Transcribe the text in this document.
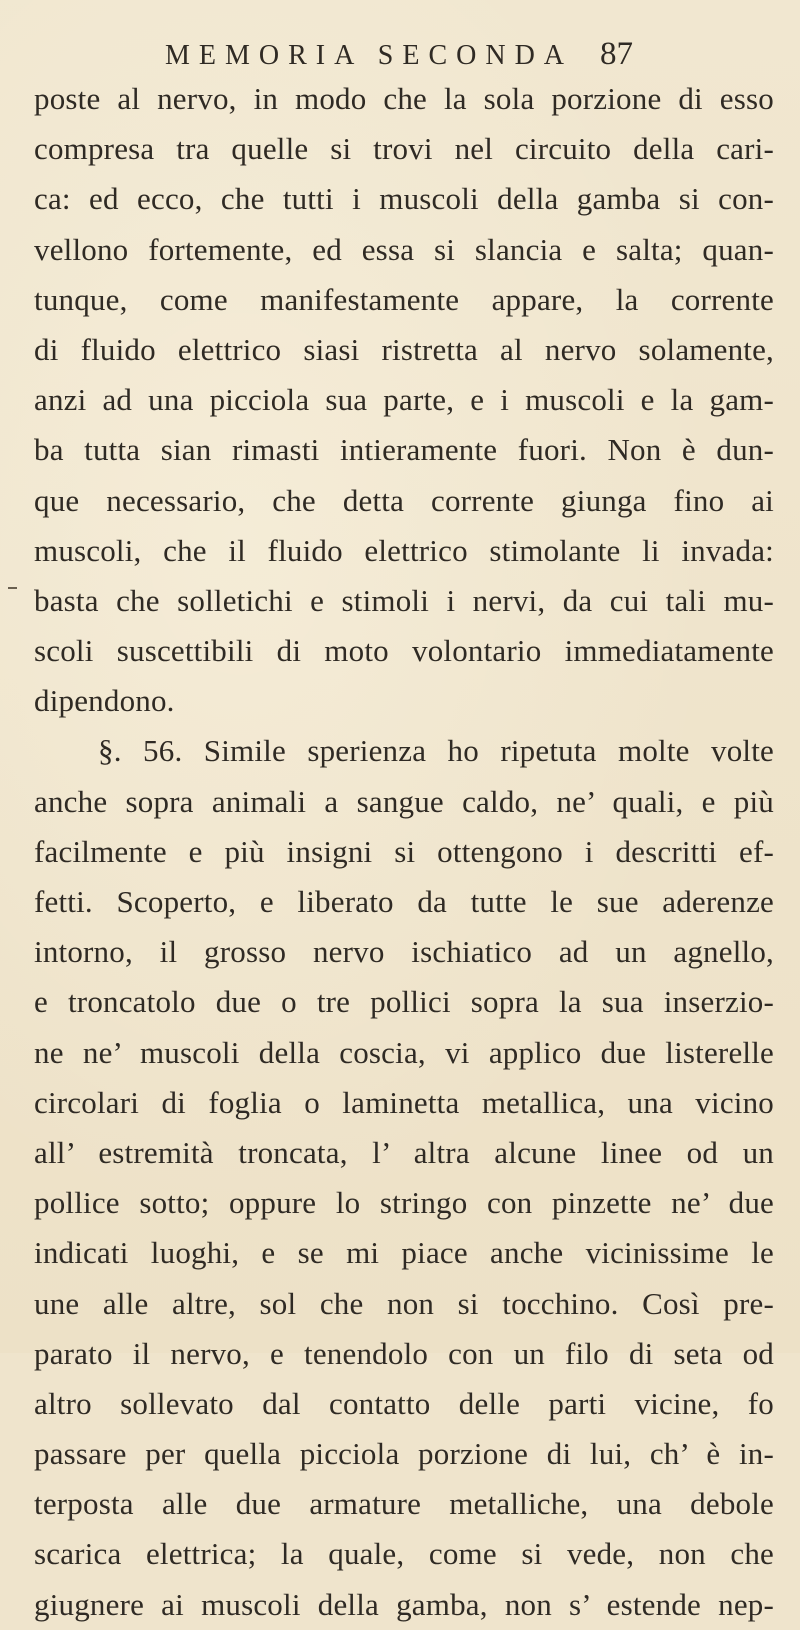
MEMORIA SECONDA 87
poste al nervo, in modo che la sola porzione di esso
compresa tra quelle si trovi nel circuito della cari-
ca: ed ecco, che tutti i muscoli della gamba si con-
vellono fortemente, ed essa si slancia e salta; quan-
tunque, come manifestamente appare, la corrente
di fluido elettrico siasi ristretta al nervo solamente,
anzi ad una picciola sua parte, e i muscoli e la gam-
ba tutta sian rimasti intieramente fuori. Non è dun-
que necessario, che detta corrente giunga fino ai
muscoli, che il fluido elettrico stimolante li invada:
basta che solletichi e stimoli i nervi, da cui tali mu-
scoli suscettibili di moto volontario immediatamente
dipendono.
§. 56. Simile sperienza ho ripetuta molte volte
anche sopra animali a sangue caldo, ne’ quali, e più
facilmente e più insigni si ottengono i descritti ef-
fetti. Scoperto, e liberato da tutte le sue aderenze
intorno, il grosso nervo ischiatico ad un agnello,
e troncatolo due o tre pollici sopra la sua inserzio-
ne ne’ muscoli della coscia, vi applico due listerelle
circolari di foglia o laminetta metallica, una vicino
all’ estremità troncata, l’ altra alcune linee od un
pollice sotto; oppure lo stringo con pinzette ne’ due
indicati luoghi, e se mi piace anche vicinissime le
une alle altre, sol che non si tocchino. Così pre-
parato il nervo, e tenendolo con un filo di seta od
altro sollevato dal contatto delle parti vicine, fo
passare per quella picciola porzione di lui, ch’ è in-
terposta alle due armature metalliche, una debole
scarica elettrica; la quale, come si vede, non che
giugnere ai muscoli della gamba, non s’ estende nep-
